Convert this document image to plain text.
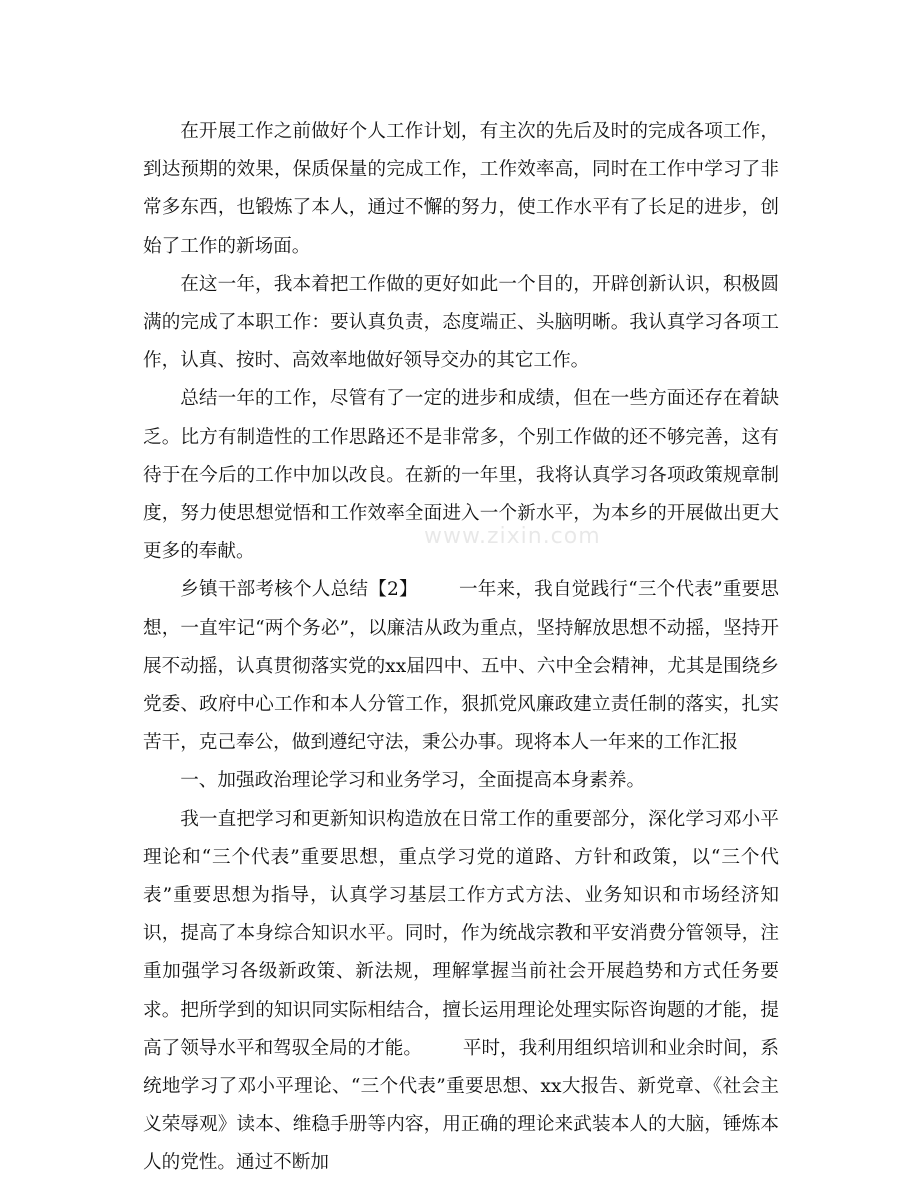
在开展工作之前做好个人工作计划，有主次的先后及时的完成各项工作，到达预期的效果，保质保量的完成工作，工作效率高，同时在工作中学习了非常多东西，也锻炼了本人，通过不懈的努力，使工作水平有了长足的进步，创始了工作的新场面。

在这一年，我本着把工作做的更好如此一个目的，开辟创新认识，积极圆满的完成了本职工作：要认真负责，态度端正、头脑明晰。我认真学习各项工作，认真、按时、高效率地做好领导交办的其它工作。

总结一年的工作，尽管有了一定的进步和成绩，但在一些方面还存在着缺乏。比方有制造性的工作思路还不是非常多，个别工作做的还不够完善，这有待于在今后的工作中加以改良。在新的一年里，我将认真学习各项政策规章制度，努力使思想觉悟和工作效率全面进入一个新水平，为本乡的开展做出更大更多的奉献。

乡镇干部考核个人总结【2】 一年来，我自觉践行“三个代表”重要思想，一直牢记“两个务必”，以廉洁从政为重点，坚持解放思想不动摇，坚持开展不动摇，认真贯彻落实党的xx届四中、五中、六中全会精神，尤其是围绕乡党委、政府中心工作和本人分管工作，狠抓党风廉政建立责任制的落实，扎实苦干，克己奉公，做到遵纪守法，秉公办事。现将本人一年来的工作汇报

一、加强政治理论学习和业务学习，全面提高本身素养。

我一直把学习和更新知识构造放在日常工作的重要部分，深化学习邓小平理论和“三个代表”重要思想，重点学习党的道路、方针和政策，以“三个代表”重要思想为指导，认真学习基层工作方式方法、业务知识和市场经济知识，提高了本身综合知识水平。同时，作为统战宗教和平安消费分管领导，注重加强学习各级新政策、新法规，理解掌握当前社会开展趋势和方式任务要求。把所学到的知识同实际相结合，擅长运用理论处理实际咨询题的才能，提高了领导水平和驾驭全局的才能。 平时，我利用组织培训和业余时间，系统地学习了邓小平理论、“三个代表”重要思想、xx大报告、新党章、《社会主义荣辱观》读本、维稳手册等内容，用正确的理论来武装本人的大脑，锤炼本人的党性。通过不断加

www.zixin.com
